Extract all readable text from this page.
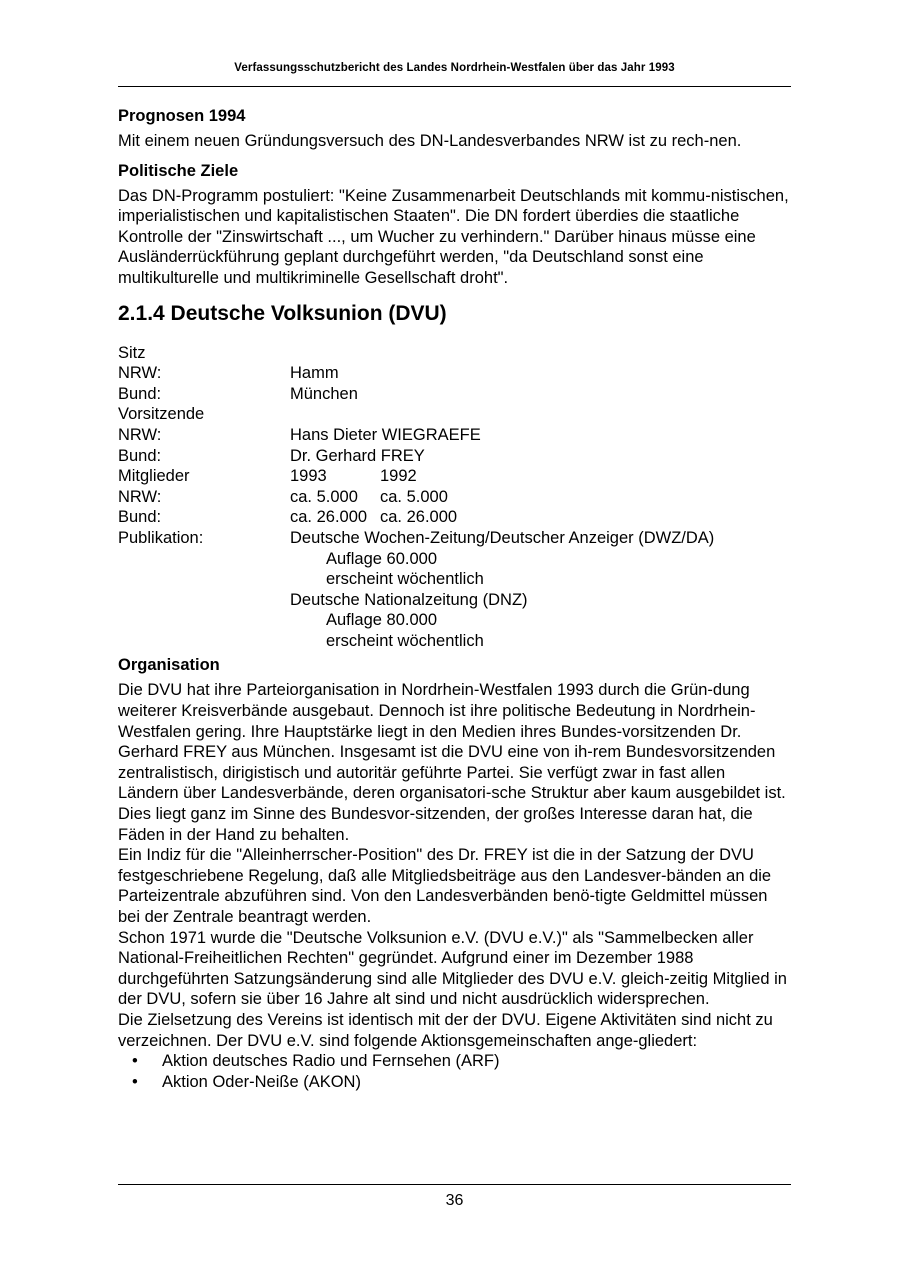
Verfassungsschutzbericht des Landes Nordrhein-Westfalen über das Jahr 1993
Prognosen 1994

Mit einem neuen Gründungsversuch des DN-Landesverbandes NRW ist zu rech-nen.

Politische Ziele

Das DN-Programm postuliert: "Keine Zusammenarbeit Deutschlands mit kommu-nistischen, imperialistischen und kapitalistischen Staaten". Die DN fordert überdies die staatliche Kontrolle der "Zinswirtschaft ..., um Wucher zu verhindern." Darüber hinaus müsse eine Ausländerrückführung geplant durchgeführt werden, "da Deutschland sonst eine multikulturelle und multikriminelle Gesellschaft droht".

2.1.4 Deutsche Volksunion (DVU)
Sitz
NRW:	Hamm
Bund:	München
Vorsitzende
NRW:	Hans Dieter WIEGRAEFE
Bund:	Dr. Gerhard FREY
Mitglieder	1993	1992
NRW:	ca. 5.000 ca. 5.000
Bund:	ca. 26.000 ca. 26.000
Publikation:	Deutsche Wochen-Zeitung/Deutscher Anzeiger (DWZ/DA)
Auflage 60.000
erscheint wöchentlich
Deutsche Nationalzeitung (DNZ)
Auflage 80.000
erscheint wöchentlich
Organisation

Die DVU hat ihre Parteiorganisation in Nordrhein-Westfalen 1993 durch die Grün-dung weiterer Kreisverbände ausgebaut. Dennoch ist ihre politische Bedeutung in Nordrhein-Westfalen gering. Ihre Hauptstärke liegt in den Medien ihres Bundes-vorsitzenden Dr. Gerhard FREY aus München. Insgesamt ist die DVU eine von ih-rem Bundesvorsitzenden zentralistisch, dirigistisch und autoritär geführte Partei. Sie verfügt zwar in fast allen Ländern über Landesverbände, deren organisatori-sche Struktur aber kaum ausgebildet ist. Dies liegt ganz im Sinne des Bundesvor-sitzenden, der großes Interesse daran hat, die Fäden in der Hand zu behalten.

Ein Indiz für die "Alleinherrscher-Position" des Dr. FREY ist die in der Satzung der DVU festgeschriebene Regelung, daß alle Mitgliedsbeiträge aus den Landesver-bänden an die Parteizentrale abzuführen sind. Von den Landesverbänden benö-tigte Geldmittel müssen bei der Zentrale beantragt werden.

Schon 1971 wurde die "Deutsche Volksunion e.V. (DVU e.V.)" als "Sammelbecken aller National-Freiheitlichen Rechten" gegründet. Aufgrund einer im Dezember 1988 durchgeführten Satzungsänderung sind alle Mitglieder des DVU e.V. gleich-zeitig Mitglied in der DVU, sofern sie über 16 Jahre alt sind und nicht ausdrücklich widersprechen.

Die Zielsetzung des Vereins ist identisch mit der der DVU. Eigene Aktivitäten sind nicht zu verzeichnen. Der DVU e.V. sind folgende Aktionsgemeinschaften ange-gliedert:

• Aktion deutsches Radio und Fernsehen (ARF)
• Aktion Oder-Neiße (AKON)
36
